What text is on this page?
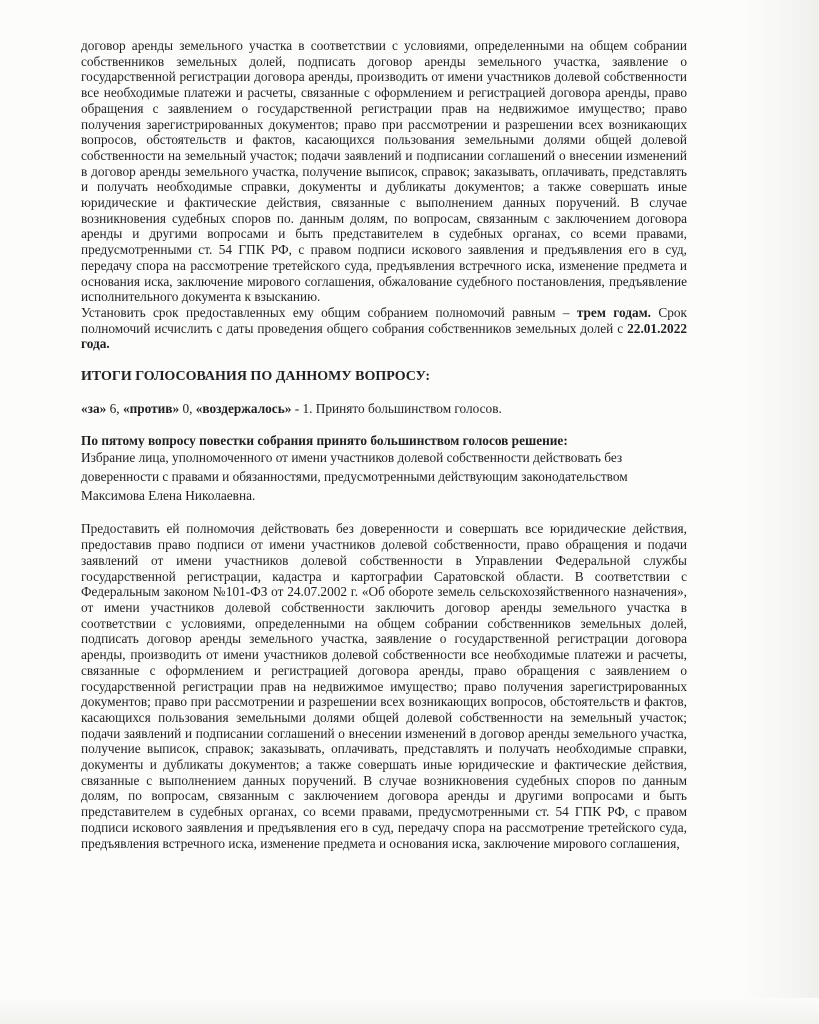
договор аренды земельного участка в соответствии с условиями, определенными на общем собрании собственников земельных долей, подписать договор аренды земельного участка, заявление о государственной регистрации договора аренды, производить от имени участников долевой собственности все необходимые платежи и расчеты, связанные с оформлением и регистрацией договора аренды, право обращения с заявлением о государственной регистрации прав на недвижимое имущество; право получения зарегистрированных документов; право при рассмотрении и разрешении всех возникающих вопросов, обстоятельств и фактов, касающихся пользования земельными долями общей долевой собственности на земельный участок; подачи заявлений и подписании соглашений о внесении изменений в договор аренды земельного участка, получение выписок, справок; заказывать, оплачивать, представлять и получать необходимые справки, документы и дубликаты документов; а также совершать иные юридические и фактические действия, связанные с выполнением данных поручений. В случае возникновения судебных споров по. данным долям, по вопросам, связанным с заключением договора аренды и другими вопросами и быть представителем в судебных органах, со всеми правами, предусмотренными ст. 54 ГПК РФ, с правом подписи искового заявления и предъявления его в суд, передачу спора на рассмотрение третейского суда, предъявления встречного иска, изменение предмета и основания иска, заключение мирового соглашения, обжалование судебного постановления, предъявление исполнительного документа к взысканию.

Установить срок предоставленных ему общим собранием полномочий равным – трем годам. Срок полномочий исчислить с даты проведения общего собрания собственников земельных долей с 22.01.2022 года.

ИТОГИ ГОЛОСОВАНИЯ ПО ДАННОМУ ВОПРОСУ:

«за» 6, «против» 0, «воздержалось» - 1. Принято большинством голосов.

По пятому вопросу повестки собрания принято большинством голосов решение:

Избрание лица, уполномоченного от имени участников долевой собственности действовать без доверенности с правами и обязанностями, предусмотренными действующим законодательством Максимова Елена Николаевна.

Предоставить ей полномочия действовать без доверенности и совершать все юридические действия, предоставив право подписи от имени участников долевой собственности, право обращения и подачи заявлений от имени участников долевой собственности в Управлении Федеральной службы государственной регистрации, кадастра и картографии Саратовской области. В соответствии с Федеральным законом №101-ФЗ от 24.07.2002 г. «Об обороте земель сельскохозяйственного назначения», от имени участников долевой собственности заключить договор аренды земельного участка в соответствии с условиями, определенными на общем собрании собственников земельных долей, подписать договор аренды земельного участка, заявление о государственной регистрации договора аренды, производить от имени участников долевой собственности все необходимые платежи и расчеты, связанные с оформлением и регистрацией договора аренды, право обращения с заявлением о государственной регистрации прав на недвижимое имущество; право получения зарегистрированных документов; право при рассмотрении и разрешении всех возникающих вопросов, обстоятельств и фактов, касающихся пользования земельными долями общей долевой собственности на земельный участок; подачи заявлений и подписании соглашений о внесении изменений в договор аренды земельного участка, получение выписок, справок; заказывать, оплачивать, представлять и получать необходимые справки, документы и дубликаты документов; а также совершать иные юридические и фактические действия, связанные с выполнением данных поручений. В случае возникновения судебных споров по данным долям, по вопросам, связанным с заключением договора аренды и другими вопросами и быть представителем в судебных органах, со всеми правами, предусмотренными ст. 54 ГПК РФ, с правом подписи искового заявления и предъявления его в суд, передачу спора на рассмотрение третейского суда, предъявления встречного иска, изменение предмета и основания иска, заключение мирового соглашения,
